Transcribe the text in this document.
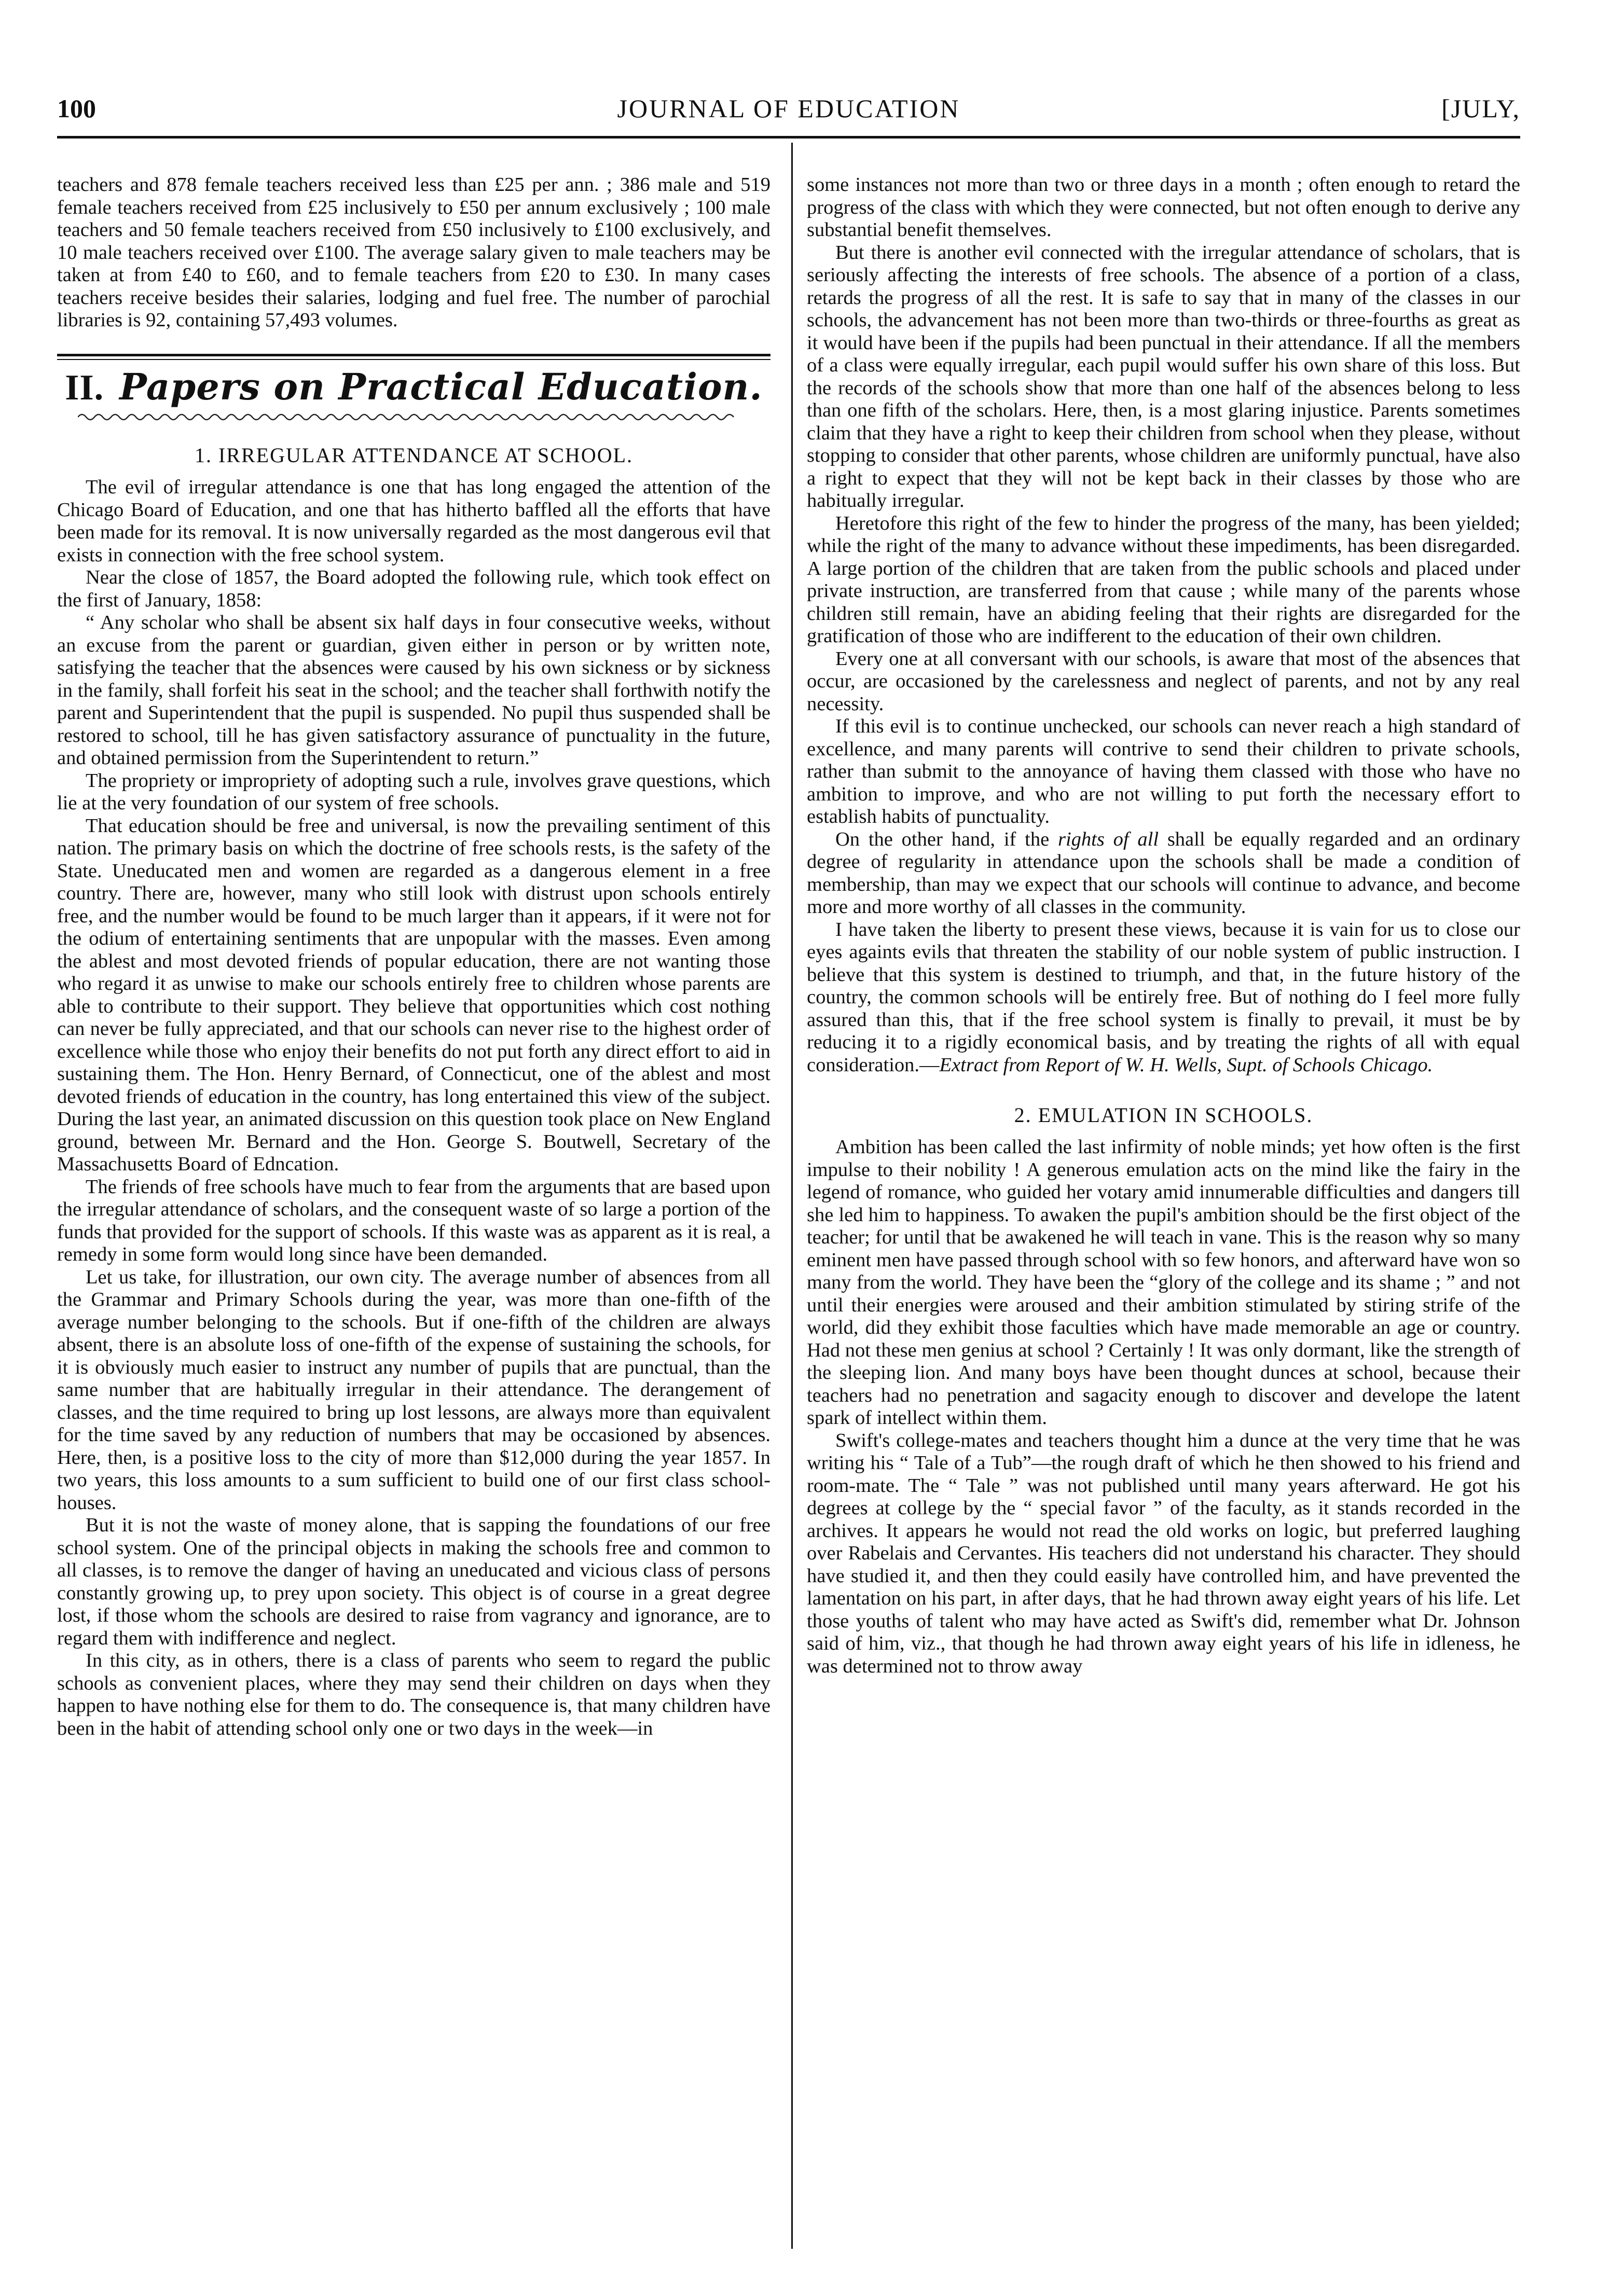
100	JOURNAL OF EDUCATION	[JULY,

teachers and 878 female teachers received less than £25 per ann. ; 386 male and 519 female teachers received from £25 inclusively to £50 per annum exclusively ; 100 male teachers and 50 female teachers received from £50 inclusively to £100 exclusively, and 10 male teachers received over £100. The average salary given to male teachers may be taken at from £40 to £60, and to female teachers from £20 to £30. In many cases teachers receive besides their salaries, lodging and fuel free. The number of parochial libraries is 92, containing 57,493 volumes.

II. Papers on Practical Education.
1. IRREGULAR ATTENDANCE AT SCHOOL.

The evil of irregular attendance is one that has long engaged the attention of the Chicago Board of Education, and one that has hitherto baffled all the efforts that have been made for its removal. It is now universally regarded as the most dangerous evil that exists in connection with the free school system.

Near the close of 1857, the Board adopted the following rule, which took effect on the first of January, 1858:

“ Any scholar who shall be absent six half days in four consecutive weeks, without an excuse from the parent or guardian, given either in person or by written note, satisfying the teacher that the absences were caused by his own sickness or by sickness in the family, shall forfeit his seat in the school; and the teacher shall forthwith notify the parent and Superintendent that the pupil is suspended. No pupil thus suspended shall be restored to school, till he has given satisfactory assurance of punctuality in the future, and obtained permission from the Superintendent to return.”

The propriety or impropriety of adopting such a rule, involves grave questions, which lie at the very foundation of our system of free schools.

That education should be free and universal, is now the prevailing sentiment of this nation. The primary basis on which the doctrine of free schools rests, is the safety of the State. Uneducated men and women are regarded as a dangerous element in a free country. There are, however, many who still look with distrust upon schools entirely free, and the number would be found to be much larger than it appears, if it were not for the odium of entertaining sentiments that are unpopular with the masses. Even among the ablest and most devoted friends of popular education, there are not wanting those who regard it as unwise to make our schools entirely free to children whose parents are able to contribute to their support. They believe that opportunities which cost nothing can never be fully appreciated, and that our schools can never rise to the highest order of excellence while those who enjoy their benefits do not put forth any direct effort to aid in sustaining them. The Hon. Henry Bernard, of Connecticut, one of the ablest and most devoted friends of education in the country, has long entertained this view of the subject. During the last year, an animated discussion on this question took place on New England ground, between Mr. Bernard and the Hon. George S. Boutwell, Secretary of the Massachusetts Board of Edncation.

The friends of free schools have much to fear from the arguments that are based upon the irregular attendance of scholars, and the consequent waste of so large a portion of the funds that provided for the support of schools. If this waste was as apparent as it is real, a remedy in some form would long since have been demanded.

Let us take, for illustration, our own city. The average number of absences from all the Grammar and Primary Schools during the year, was more than one-fifth of the average number belonging to the schools. But if one-fifth of the children are always absent, there is an absolute loss of one-fifth of the expense of sustaining the schools, for it is obviously much easier to instruct any number of pupils that are punctual, than the same number that are habitually irregular in their attendance. The derangement of classes, and the time required to bring up lost lessons, are always more than equivalent for the time saved by any reduction of numbers that may be occasioned by absences. Here, then, is a positive loss to the city of more than $12,000 during the year 1857. In two years, this loss amounts to a sum sufficient to build one of our first class school-houses.

But it is not the waste of money alone, that is sapping the foundations of our free school system. One of the principal objects in making the schools free and common to all classes, is to remove the danger of having an uneducated and vicious class of persons constantly growing up, to prey upon society. This object is of course in a great degree lost, if those whom the schools are desired to raise from vagrancy and ignorance, are to regard them with indifference and neglect.

In this city, as in others, there is a class of parents who seem to regard the public schools as convenient places, where they may send their children on days when they happen to have nothing else for them to do. The consequence is, that many children have been in the habit of attending school only one or two days in the week—in

some instances not more than two or three days in a month ; often enough to retard the progress of the class with which they were connected, but not often enough to derive any substantial benefit themselves.

But there is another evil connected with the irregular attendance of scholars, that is seriously affecting the interests of free schools. The absence of a portion of a class, retards the progress of all the rest. It is safe to say that in many of the classes in our schools, the advancement has not been more than two-thirds or three-fourths as great as it would have been if the pupils had been punctual in their attendance. If all the members of a class were equally irregular, each pupil would suffer his own share of this loss. But the records of the schools show that more than one half of the absences belong to less than one fifth of the scholars. Here, then, is a most glaring injustice. Parents sometimes claim that they have a right to keep their children from school when they please, without stopping to consider that other parents, whose children are uniformly punctual, have also a right to expect that they will not be kept back in their classes by those who are habitually irregular.

Heretofore this right of the few to hinder the progress of the many, has been yielded; while the right of the many to advance without these impediments, has been disregarded. A large portion of the children that are taken from the public schools and placed under private instruction, are transferred from that cause ; while many of the parents whose children still remain, have an abiding feeling that their rights are disregarded for the gratification of those who are indifferent to the education of their own children.

Every one at all conversant with our schools, is aware that most of the absences that occur, are occasioned by the carelessness and neglect of parents, and not by any real necessity.

If this evil is to continue unchecked, our schools can never reach a high standard of excellence, and many parents will contrive to send their children to private schools, rather than submit to the annoyance of having them classed with those who have no ambition to improve, and who are not willing to put forth the necessary effort to establish habits of punctuality.

On the other hand, if the rights of all shall be equally regarded and an ordinary degree of regularity in attendance upon the schools shall be made a condition of membership, than may we expect that our schools will continue to advance, and become more and more worthy of all classes in the community.

I have taken the liberty to present these views, because it is vain for us to close our eyes againts evils that threaten the stability of our noble system of public instruction. I believe that this system is destined to triumph, and that, in the future history of the country, the common schools will be entirely free. But of nothing do I feel more fully assured than this, that if the free school system is finally to prevail, it must be by reducing it to a rigidly economical basis, and by treating the rights of all with equal consideration.—Extract from Report of W. H. Wells, Supt. of Schools Chicago.

2. EMULATION IN SCHOOLS.

Ambition has been called the last infirmity of noble minds; yet how often is the first impulse to their nobility ! A generous emulation acts on the mind like the fairy in the legend of romance, who guided her votary amid innumerable difficulties and dangers till she led him to happiness. To awaken the pupil's ambition should be the first object of the teacher; for until that be awakened he will teach in vane. This is the reason why so many eminent men have passed through school with so few honors, and afterward have won so many from the world. They have been the “glory of the college and its shame ; ” and not until their energies were aroused and their ambition stimulated by stiring strife of the world, did they exhibit those faculties which have made memorable an age or country. Had not these men genius at school ? Certainly ! It was only dormant, like the strength of the sleeping lion. And many boys have been thought dunces at school, because their teachers had no penetration and sagacity enough to discover and develope the latent spark of intellect within them.

Swift's college-mates and teachers thought him a dunce at the very time that he was writing his “ Tale of a Tub”—the rough draft of which he then showed to his friend and room-mate. The “ Tale ” was not published until many years afterward. He got his degrees at college by the “ special favor ” of the faculty, as it stands recorded in the archives. It appears he would not read the old works on logic, but preferred laughing over Rabelais and Cervantes. His teachers did not understand his character. They should have studied it, and then they could easily have controlled him, and have prevented the lamentation on his part, in after days, that he had thrown away eight years of his life. Let those youths of talent who may have acted as Swift's did, remember what Dr. Johnson said of him, viz., that though he had thrown away eight years of his life in idleness, he was determined not to throw away
